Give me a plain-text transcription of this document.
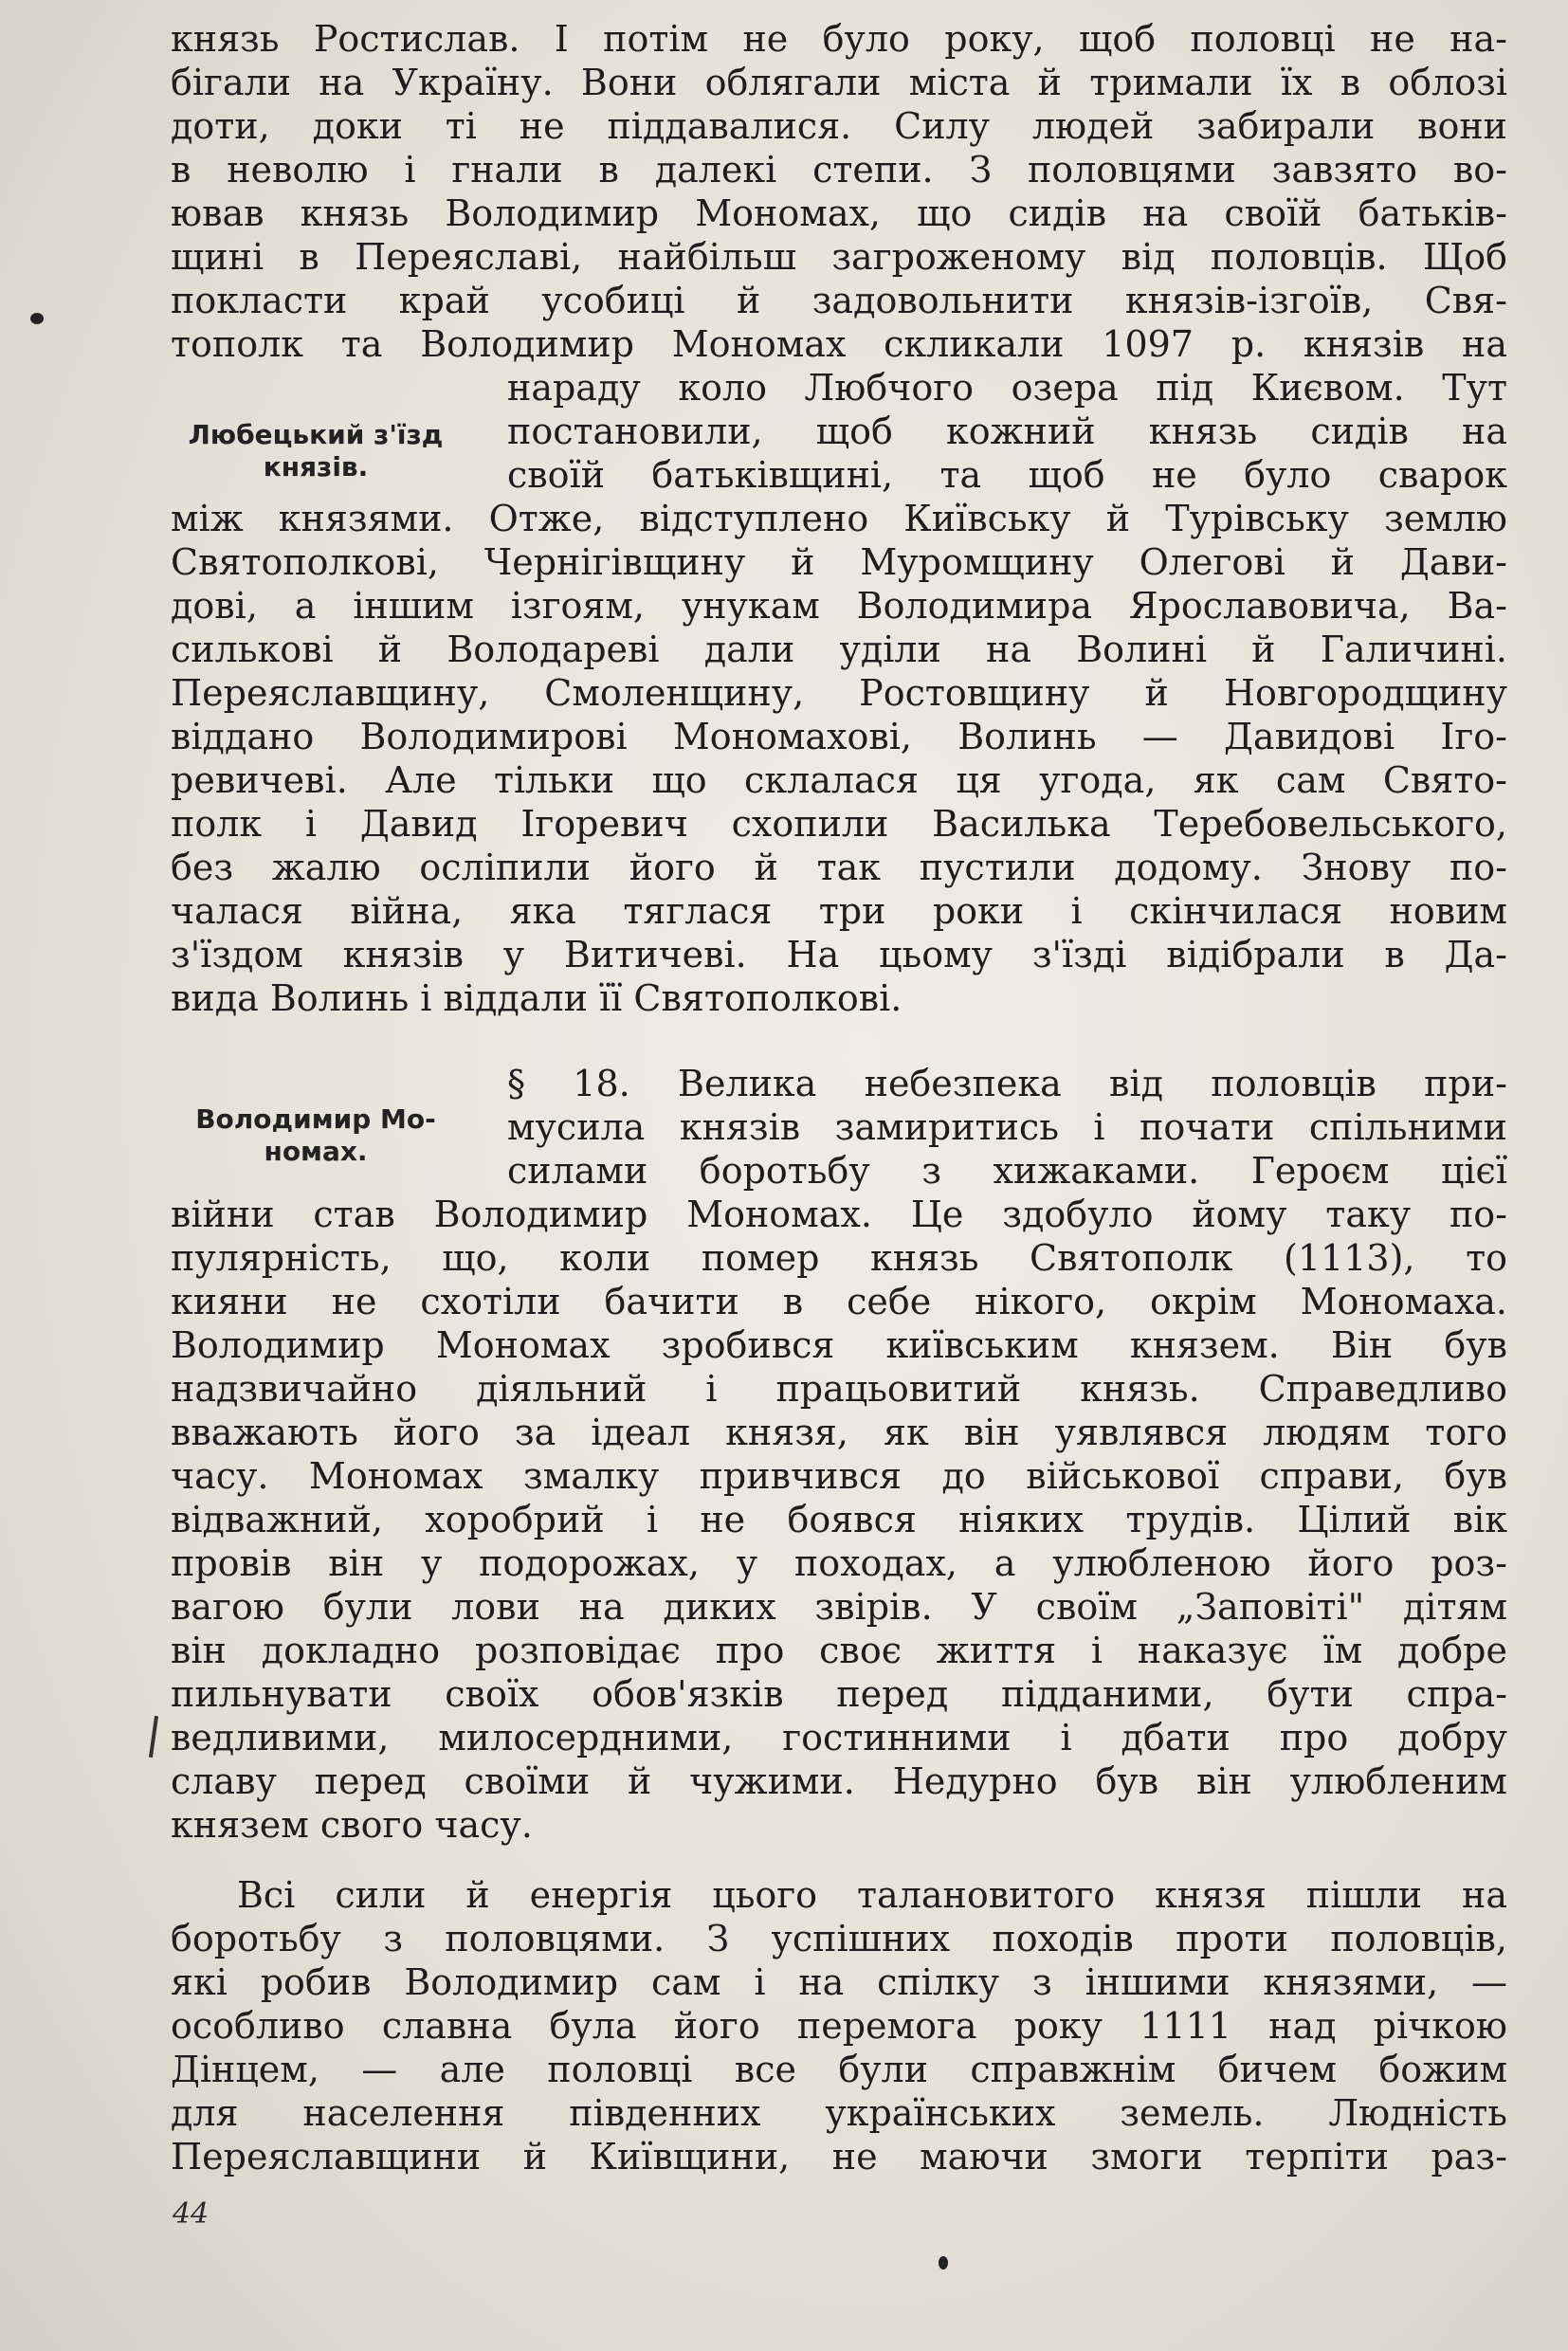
князь Ростислав. І потім не було року, щоб половці не на-
бігали на Україну. Вони облягали міста й тримали їх в облозі
доти, доки ті не піддавалися. Силу людей забирали вони
в неволю і гнали в далекі степи. З половцями завзято во-
ював князь Володимир Мономах, що сидів на своїй батьків-
щині в Переяславі, найбільш загроженому від половців. Щоб
покласти край усобиці й задовольнити князів-ізгоїв, Свя-
тополк та Володимир Мономах скликали 1097 р. князів на
Любецький з'їзд
князів.
нараду коло Любчого озера під Києвом. Тут
постановили, щоб кожний князь сидів на
своїй батьківщині, та щоб не було сварок
між князями. Отже, відступлено Київську й Турівську землю
Святополкові, Чернігівщину й Муромщину Олегові й Дави-
дові, а іншим ізгоям, унукам Володимира Ярославовича, Ва-
силькові й Володареві дали уділи на Волині й Галичині.
Переяславщину, Смоленщину, Ростовщину й Новгородщину
віддано Володимирові Мономахові, Волинь — Давидові Іго-
ревичеві. Але тільки що склалася ця угода, як сам Свято-
полк і Давид Ігоревич схопили Василька Теребовельського,
без жалю осліпили його й так пустили додому. Знову по-
чалася війна, яка тяглася три роки і скінчилася новим
з'їздом князів у Витичеві. На цьому з'їзді відібрали в Да-
вида Волинь і віддали її Святополкові.
Володимир Мо-
номах.
§ 18. Велика небезпека від половців при-
мусила князів замиритись і почати спільними
силами боротьбу з хижаками. Героєм цієї
війни став Володимир Мономах. Це здобуло йому таку по-
пулярність, що, коли помер князь Святополк (1113), то
кияни не схотіли бачити в себе нікого, окрім Мономаха.
Володимир Мономах зробився київським князем. Він був
надзвичайно діяльний і працьовитий князь. Справедливо
вважають його за ідеал князя, як він уявлявся людям того
часу. Мономах змалку привчився до військової справи, був
відважний, хоробрий і не боявся ніяких трудів. Цілий вік
провів він у подорожах, у походах, а улюбленою його роз-
вагою були лови на диких звірів. У своїм „Заповіті" дітям
він докладно розповідає про своє життя і наказує їм добре
пильнувати своїх обов'язків перед підданими, бути спра-
ведливими, милосердними, гостинними і дбати про добру
славу перед своїми й чужими. Недурно був він улюбленим
князем свого часу.
Всі сили й енергія цього талановитого князя пішли на
боротьбу з половцями. З успішних походів проти половців,
які робив Володимир сам і на спілку з іншими князями, —
особливо славна була його перемога року 1111 над річкою
Дінцем, — але половці все були справжнім бичем божим
для населення південних українських земель. Людність
Переяславщини й Київщини, не маючи змоги терпіти раз-
44
